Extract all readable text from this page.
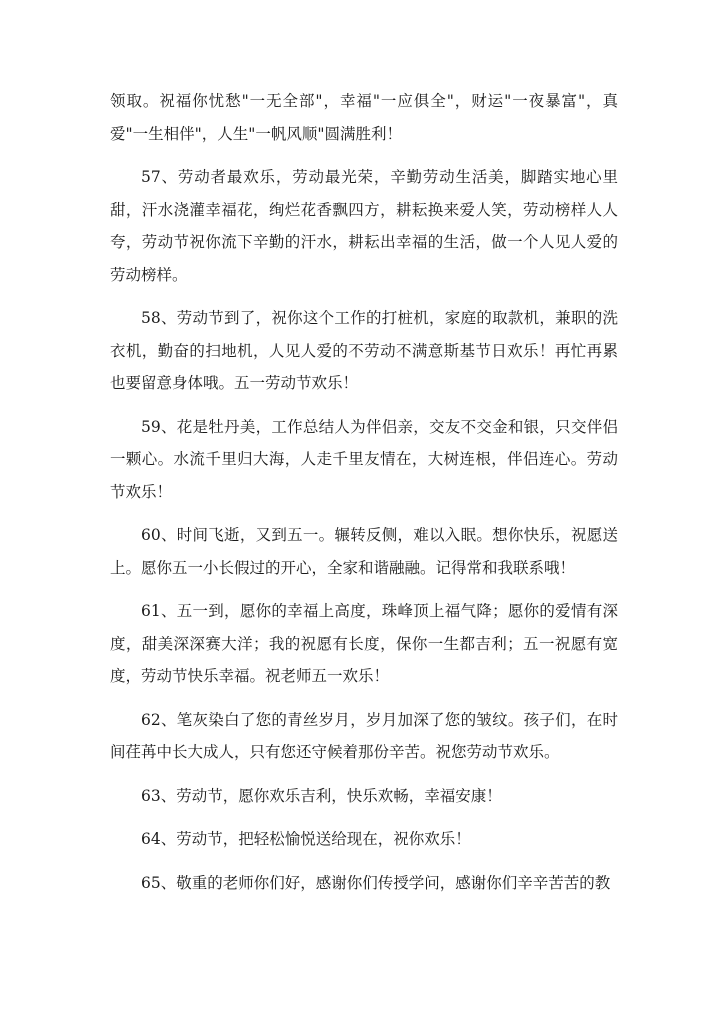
领取。祝福你忧愁"一无全部"，幸福"一应俱全"，财运"一夜暴富"，真爱"一生相伴"，人生"一帆风顺"圆满胜利！

57、劳动者最欢乐，劳动最光荣，辛勤劳动生活美，脚踏实地心里甜，汗水浇灌幸福花，绚烂花香飘四方，耕耘换来爱人笑，劳动榜样人人夸，劳动节祝你流下辛勤的汗水，耕耘出幸福的生活，做一个人见人爱的劳动榜样。

58、劳动节到了，祝你这个工作的打桩机，家庭的取款机，兼职的洗衣机，勤奋的扫地机，人见人爱的不劳动不满意斯基节日欢乐！再忙再累也要留意身体哦。五一劳动节欢乐！

59、花是牡丹美，工作总结人为伴侣亲，交友不交金和银，只交伴侣一颗心。水流千里归大海，人走千里友情在，大树连根，伴侣连心。劳动节欢乐！

60、时间飞逝，又到五一。辗转反侧，难以入眠。想你快乐，祝愿送上。愿你五一小长假过的开心，全家和谐融融。记得常和我联系哦！

61、五一到，愿你的幸福上高度，珠峰顶上福气降；愿你的爱情有深度，甜美深深赛大洋；我的祝愿有长度，保你一生都吉利；五一祝愿有宽度，劳动节快乐幸福。祝老师五一欢乐！

62、笔灰染白了您的青丝岁月，岁月加深了您的皱纹。孩子们，在时间荏苒中长大成人，只有您还守候着那份辛苦。祝您劳动节欢乐。

63、劳动节，愿你欢乐吉利，快乐欢畅，幸福安康！

64、劳动节，把轻松愉悦送给现在，祝你欢乐！

65、敬重的老师你们好，感谢你们传授学问，感谢你们辛辛苦苦的教
